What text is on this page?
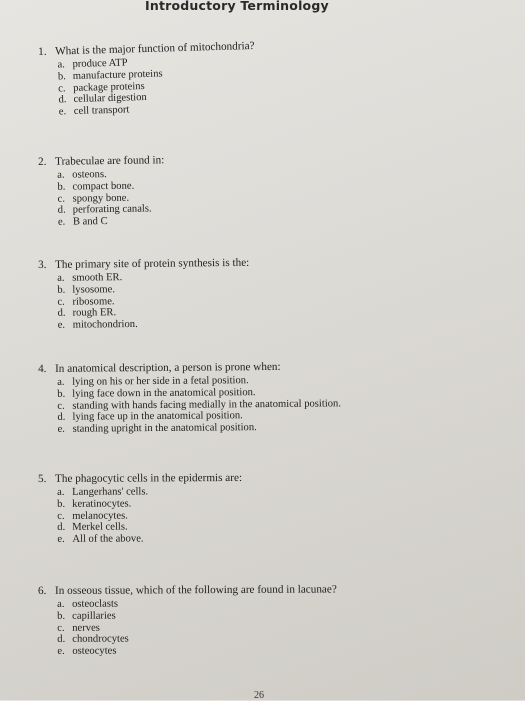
Introductory Terminology
1. What is the major function of mitochondria?
a. produce ATP
b. manufacture proteins
c. package proteins
d. cellular digestion
e. cell transport
2. Trabeculae are found in:
a. osteons.
b. compact bone.
c. spongy bone.
d. perforating canals.
e. B and C
3. The primary site of protein synthesis is the:
a. smooth ER.
b. lysosome.
c. ribosome.
d. rough ER.
e. mitochondrion.
4. In anatomical description, a person is prone when:
a. lying on his or her side in a fetal position.
b. lying face down in the anatomical position.
c. standing with hands facing medially in the anatomical position.
d. lying face up in the anatomical position.
e. standing upright in the anatomical position.
5. The phagocytic cells in the epidermis are:
a. Langerhans' cells.
b. keratinocytes.
c. melanocytes.
d. Merkel cells.
e. All of the above.
6. In osseous tissue, which of the following are found in lacunae?
a. osteoclasts
b. capillaries
c. nerves
d. chondrocytes
e. osteocytes
26
